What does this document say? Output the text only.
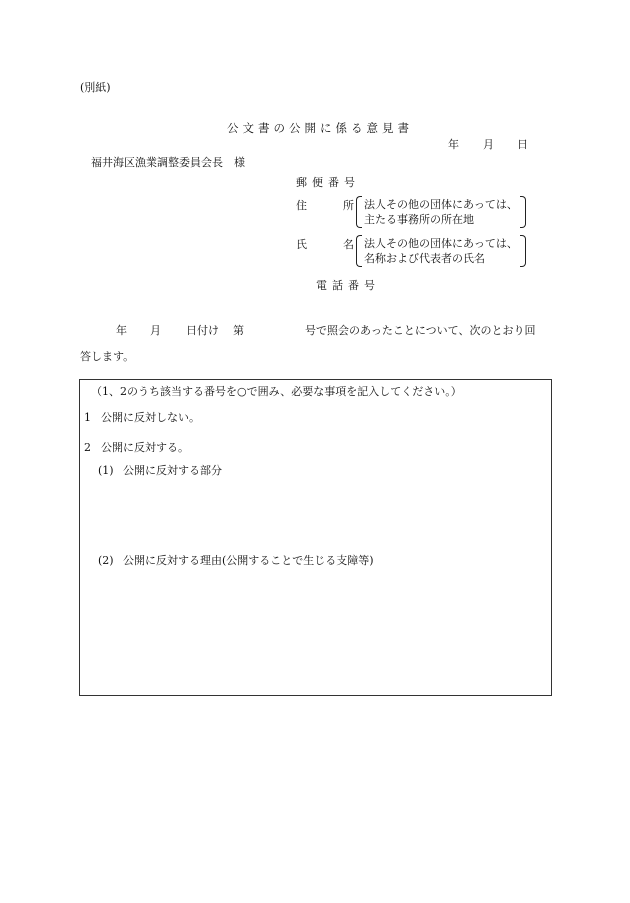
(別紙)
公文書の公開に係る意見書
年 月 日
福井海区漁業調整委員会長　様
郵便番号
住	所 法人その他の団体にあっては、
主たる事務所の所在地
氏	名 法人その他の団体にあっては、
名称および代表者の氏名
電話番号
年 月 日付け 第	号で照会のあったことについて、次のとおり回
答します。
（1、2のうち該当する番号を○で囲み、必要な事項を記入してください。）
1 公開に反対しない。
2 公開に反対する。
(1) 公開に反対する部分
(2) 公開に反対する理由(公開することで生じる支障等)
